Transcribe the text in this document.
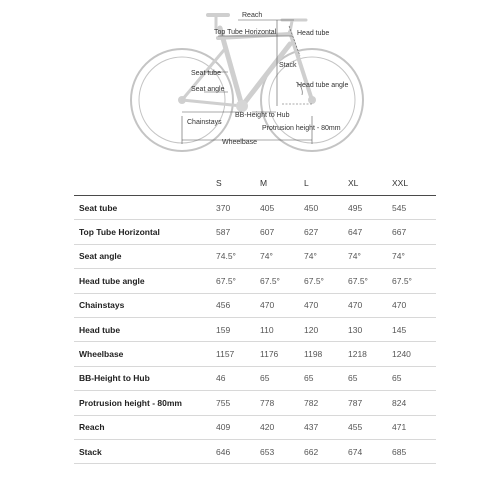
Reach
Top Tube Horizontal	Head tube
Stack
Seat tube
Seat angle
Head tube angle
Chainstays
BB-Height to Hub
Protrusion height - 80mm
Wheelbase
	S	M	L	XL	XXL
Seat tube	370	405	450	495	545
Top Tube Horizontal	587	607	627	647	667
Seat angle	74.5°	74°	74°	74°	74°
Head tube angle	67.5°	67.5°	67.5°	67.5°	67.5°
Chainstays	456	470	470	470	470
Head tube	159	110	120	130	145
Wheelbase	1157	1176	1198	1218	1240
BB-Height to Hub	46	65	65	65	65
Protrusion height - 80mm	755	778	782	787	824
Reach	409	420	437	455	471
Stack	646	653	662	674	685
